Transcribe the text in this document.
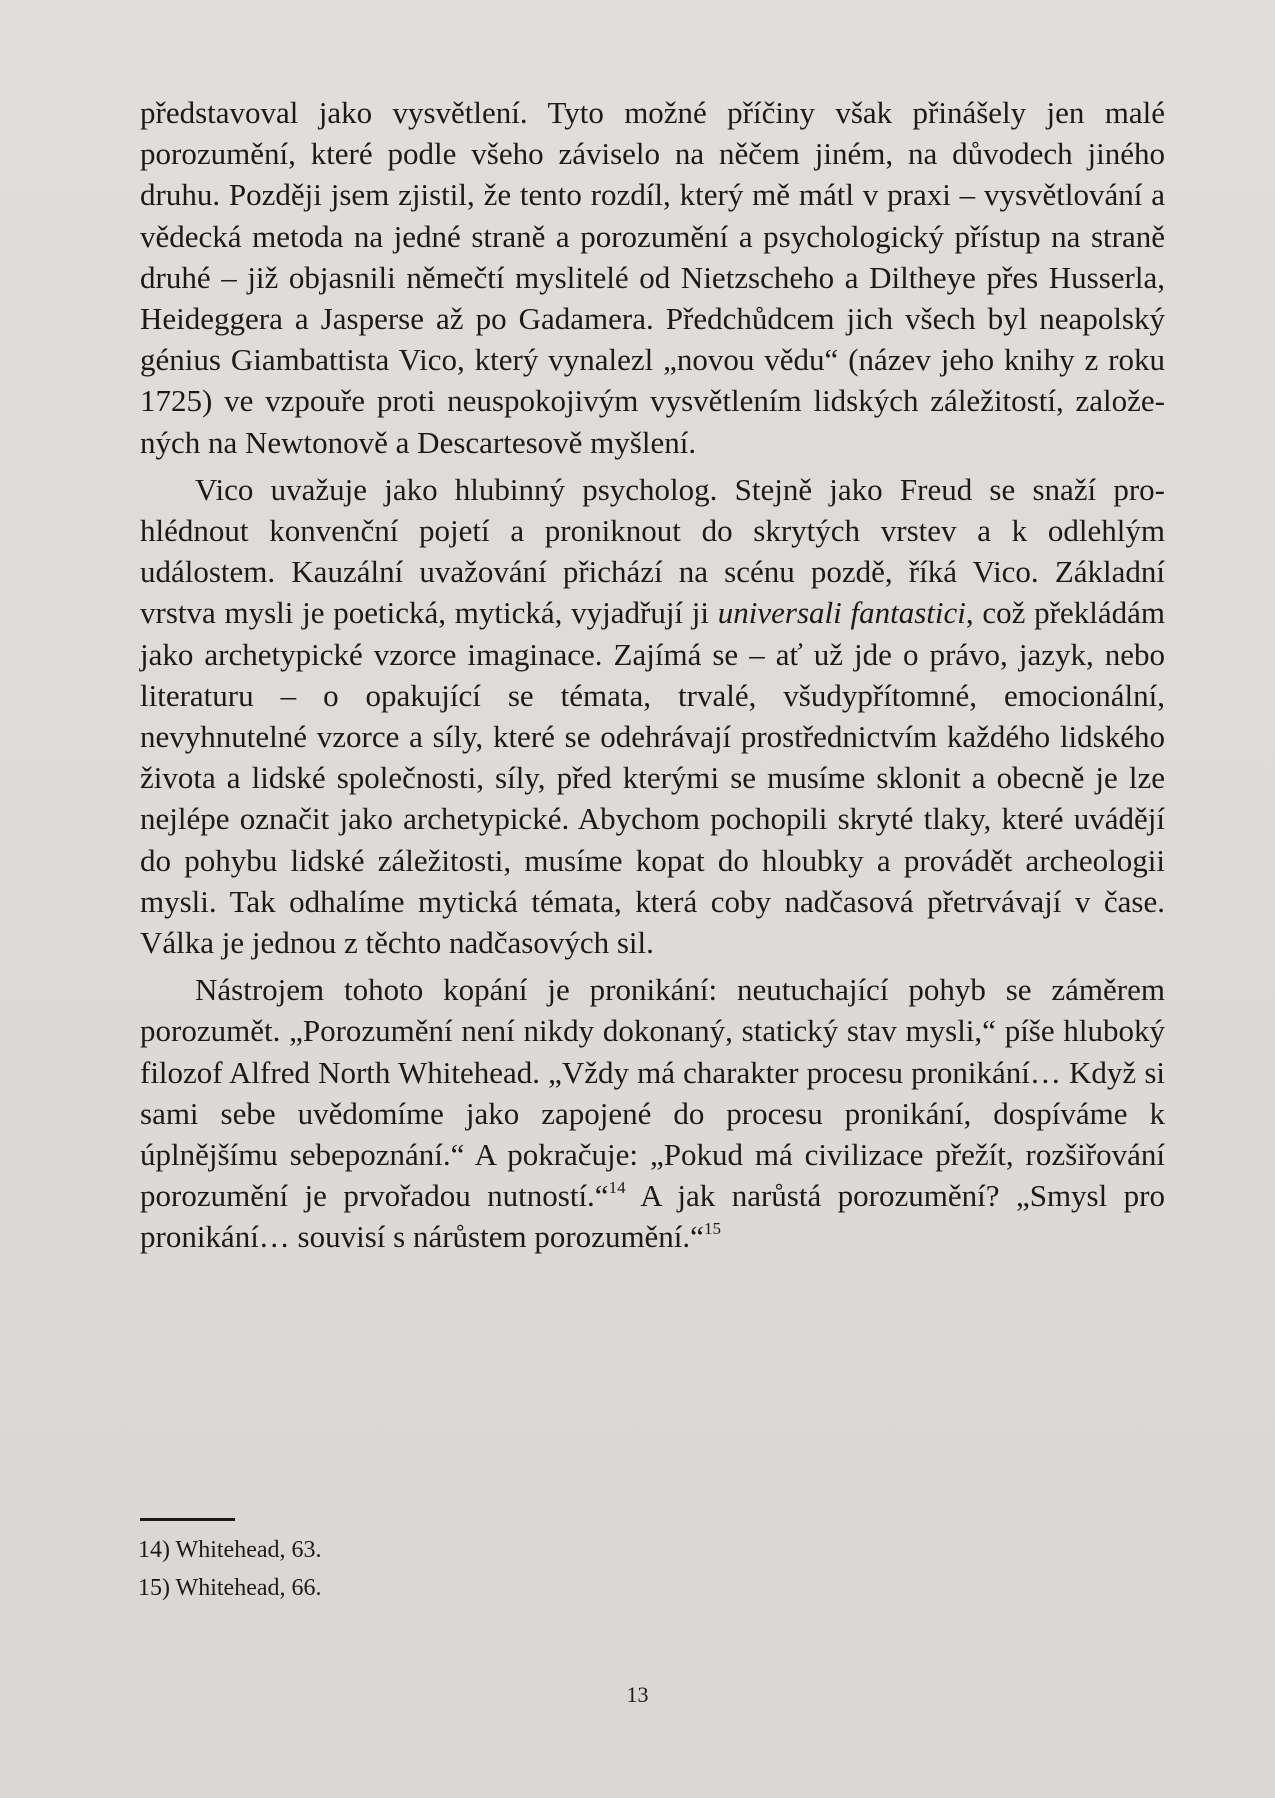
představoval jako vysvětlení. Tyto možné příčiny však přinášely jen malé porozumění, které podle všeho záviselo na něčem jiném, na důvodech jiného druhu. Později jsem zjistil, že tento rozdíl, který mě mátl v praxi – vysvětlování a vědecká metoda na jedné straně a porozumění a psychologický přístup na straně druhé – již objasnili němečtí myslitelé od Nietzscheho a Diltheye přes Husserla, Heideggera a Jasperse až po Gadamera. Předchůdcem jich všech byl neapolský génius Giambattista Vico, který vynalezl „novou vědu“ (název jeho knihy z roku 1725) ve vzpouře proti neuspokojivým vysvětlením lidských záležitostí, založených na Newtonově a Descartesově myšlení.

Vico uvažuje jako hlubinný psycholog. Stejně jako Freud se snaží prohlédnout konvenční pojetí a proniknout do skrytých vrstev a k odlehlým událostem. Kauzální uvažování přichází na scénu pozdě, říká Vico. Základní vrstva mysli je poetická, mytická, vyjadřují ji universali fantastici, což překládám jako archetypické vzorce imaginace. Zajímá se – ať už jde o právo, jazyk, nebo literaturu – o opakující se témata, trvalé, všudypřítomné, emocionální, nevyhnutelné vzorce a síly, které se odehrávají prostřednictvím každého lidského života a lidské společnosti, síly, před kterými se musíme sklonit a obecně je lze nejlépe označit jako archetypické. Abychom pochopili skryté tlaky, které uvádějí do pohybu lidské záležitosti, musíme kopat do hloubky a provádět archeologii mysli. Tak odhalíme mytická témata, která coby nadčasová přetrvávají v čase. Válka je jednou z těchto nadčasových sil.

Nástrojem tohoto kopání je pronikání: neutuchající pohyb se záměrem porozumět. „Porozumění není nikdy dokonaný, statický stav mysli,“ píše hluboký filozof Alfred North Whitehead. „Vždy má charakter procesu pronikání… Když si sami sebe uvědomíme jako zapojené do procesu pronikání, dospíváme k úplnějšímu sebepoznání.“ A pokračuje: „Pokud má civilizace přežít, rozšiřování porozumění je prvořadou nutností.“$^{14}$ A jak narůstá porozumění? „Smysl pro pronikání… souvisí s nárůstem porozumění.“$^{15}$

14) Whitehead, 63.

15) Whitehead, 66.

13
